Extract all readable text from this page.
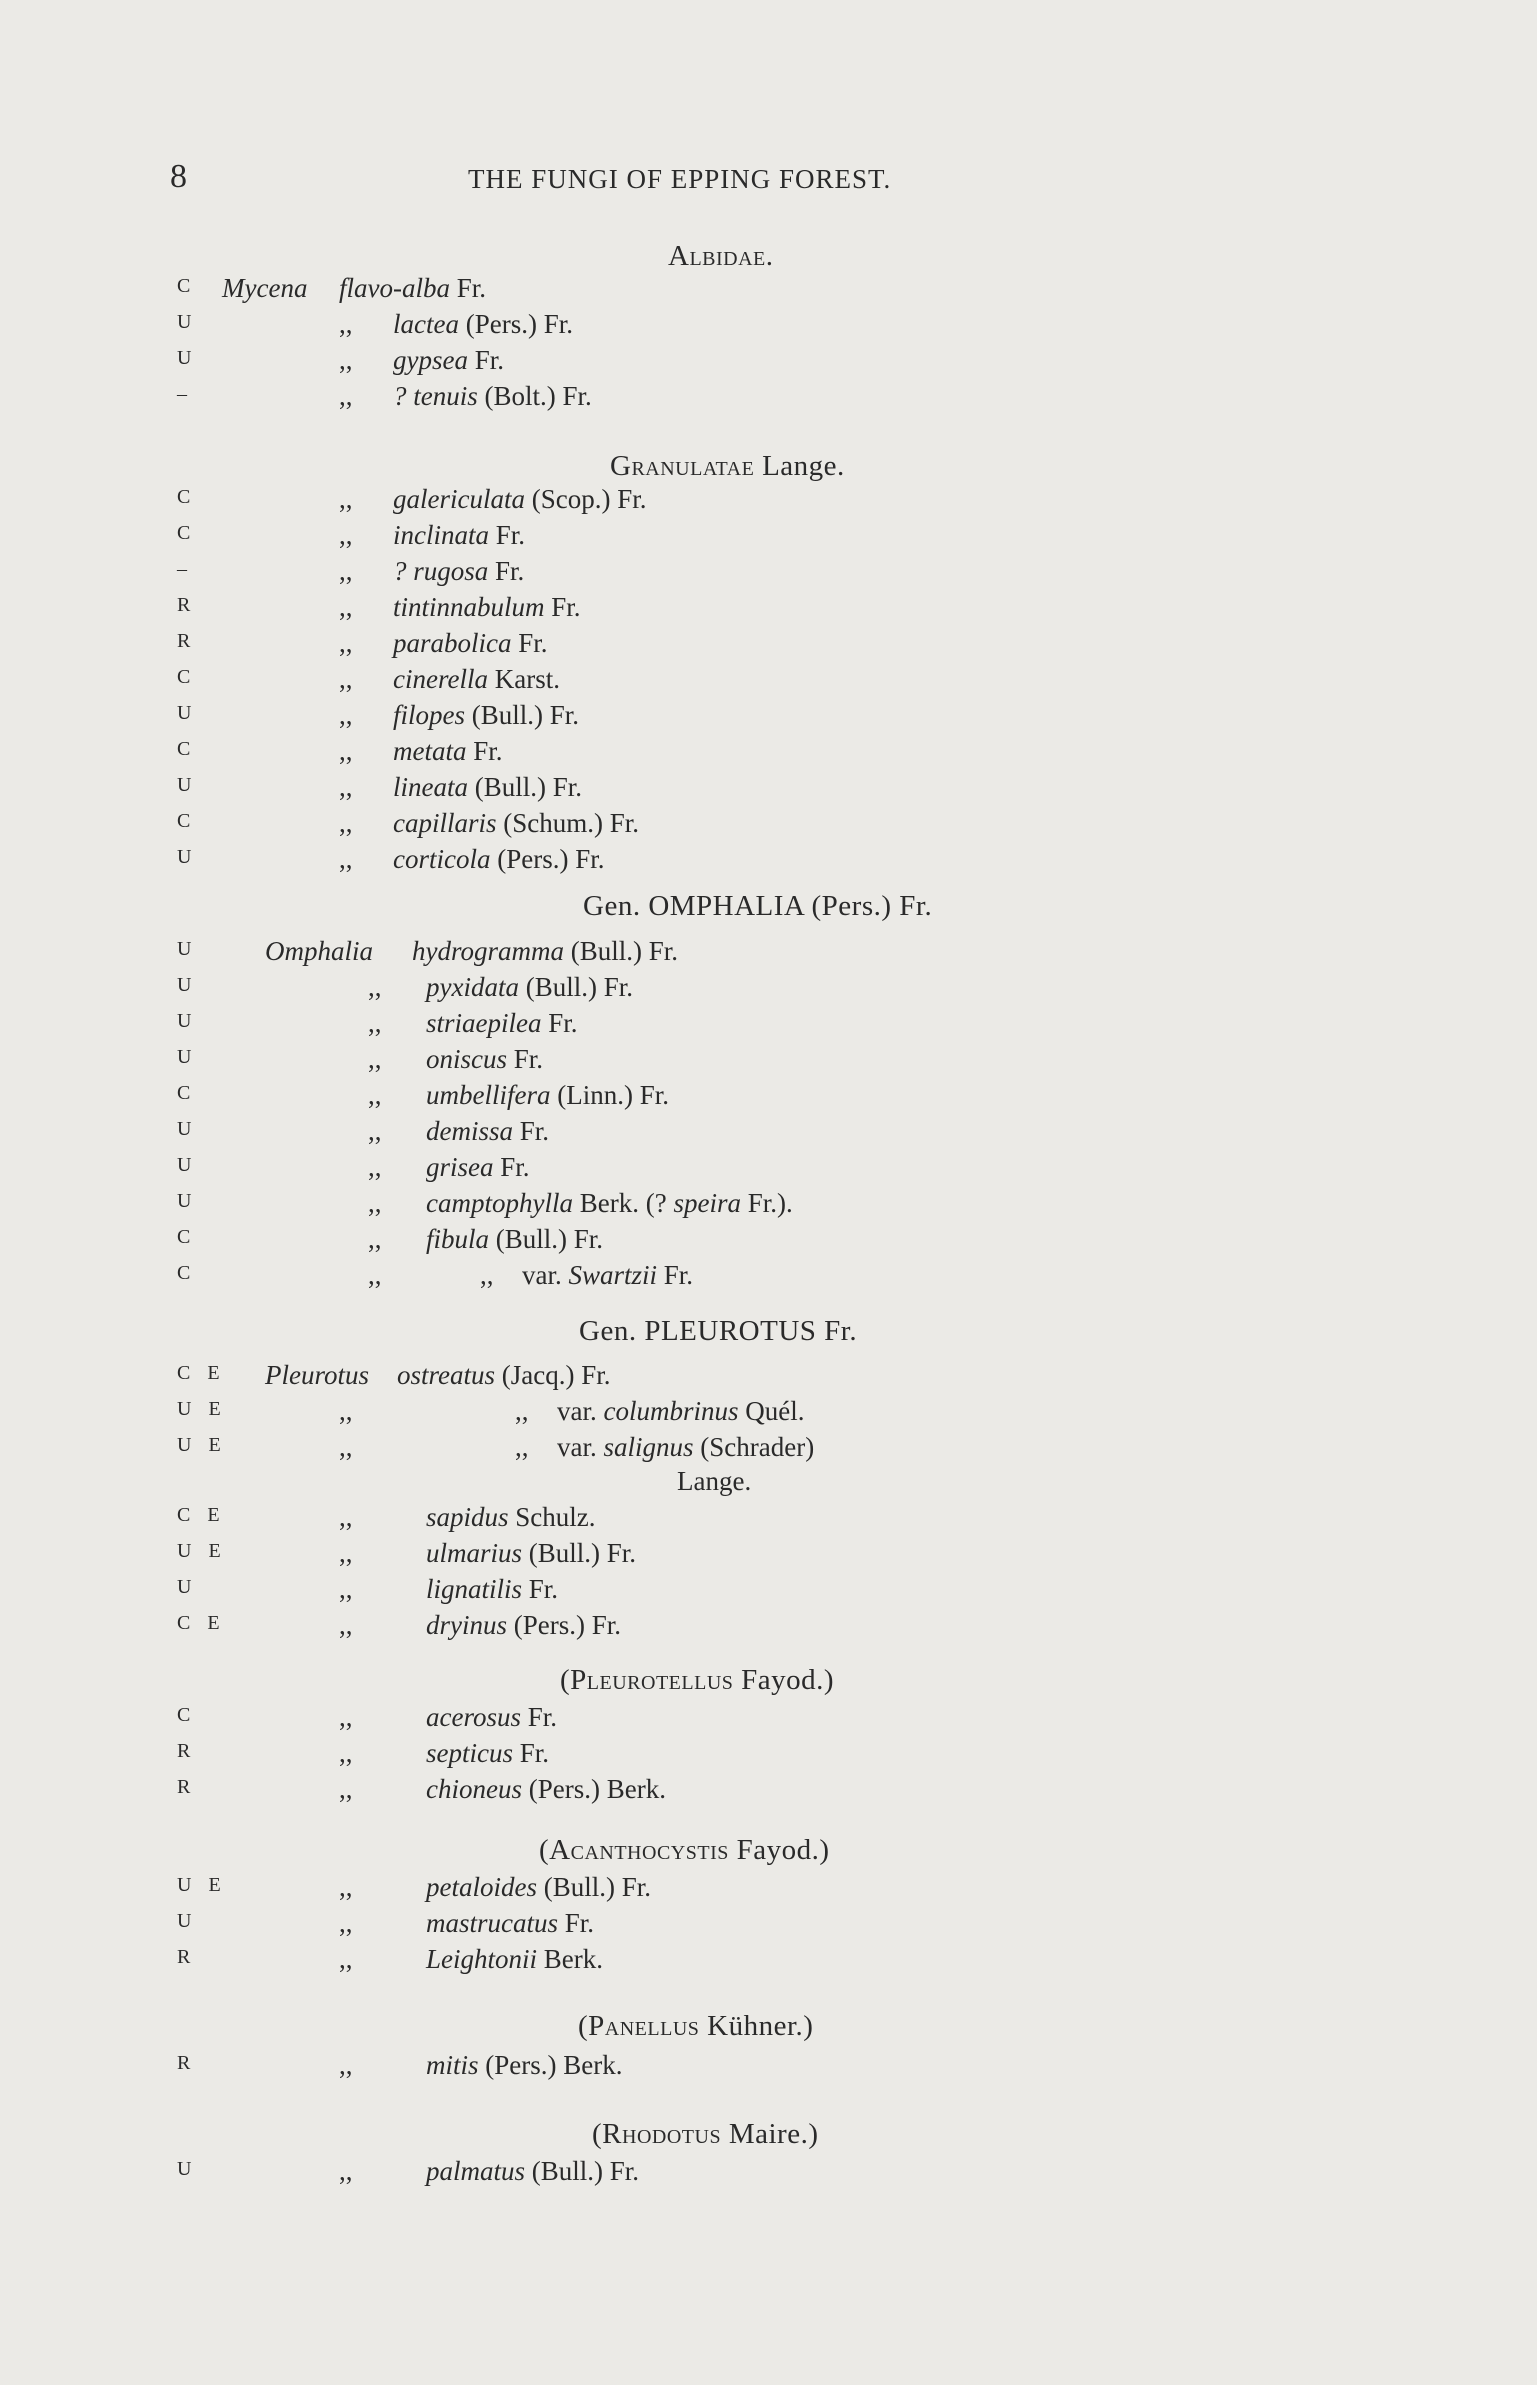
8	THE FUNGI OF EPPING FOREST.
Albidae.
C Mycena flavo-alba Fr.
U	,, lactea (Pers.) Fr.
U	,, gypsea Fr.
–	,, ? tenuis (Bolt.) Fr.
Granulatae Lange.
C	,, galericulata (Scop.) Fr.
C	,, inclinata Fr.
–	,, ? rugosa Fr.
R	,, tintinnabulum Fr.
R	,, parabolica Fr.
C	,, cinerella Karst.
U	,, filopes (Bull.) Fr.
C	,, metata Fr.
U	,, lineata (Bull.) Fr.
C	,, capillaris (Schum.) Fr.
U	,, corticola (Pers.) Fr.
Gen. OMPHALIA (Pers.) Fr.
U	Omphalia hydrogramma (Bull.) Fr.
U	,, pyxidata (Bull.) Fr.
U	,, striaepilea Fr.
U	,, oniscus Fr.
C	,, umbellifera (Linn.) Fr.
U	,, demissa Fr.
U	,, grisea Fr.
U	,, camptophylla Berk. (? speira Fr.).
C	,, fibula (Bull.) Fr.
C	,,	,, var. Swartzii Fr.
Gen. PLEUROTUS Fr.
C E Pleurotus ostreatus (Jacq.) Fr.
U E	,,	,, var. columbrinus Quél.
U E	,,	,, var. salignus (Schrader)
Lange.
C E	,,	sapidus Schulz.
U E	,,	ulmarius (Bull.) Fr.
U	,,	lignatilis Fr.
C E	,,	dryinus (Pers.) Fr.
(Pleurotellus Fayod.)
C	,,	acerosus Fr.
R	,,	septicus Fr.
R	,,	chioneus (Pers.) Berk.
(Acanthocystis Fayod.)
U E	,,	petaloides (Bull.) Fr.
U	,,	mastrucatus Fr.
R	,,	Leightonii Berk.
(Panellus Kühner.)
R	,,	mitis (Pers.) Berk.
(Rhodotus Maire.)
U	,,	palmatus (Bull.) Fr.
